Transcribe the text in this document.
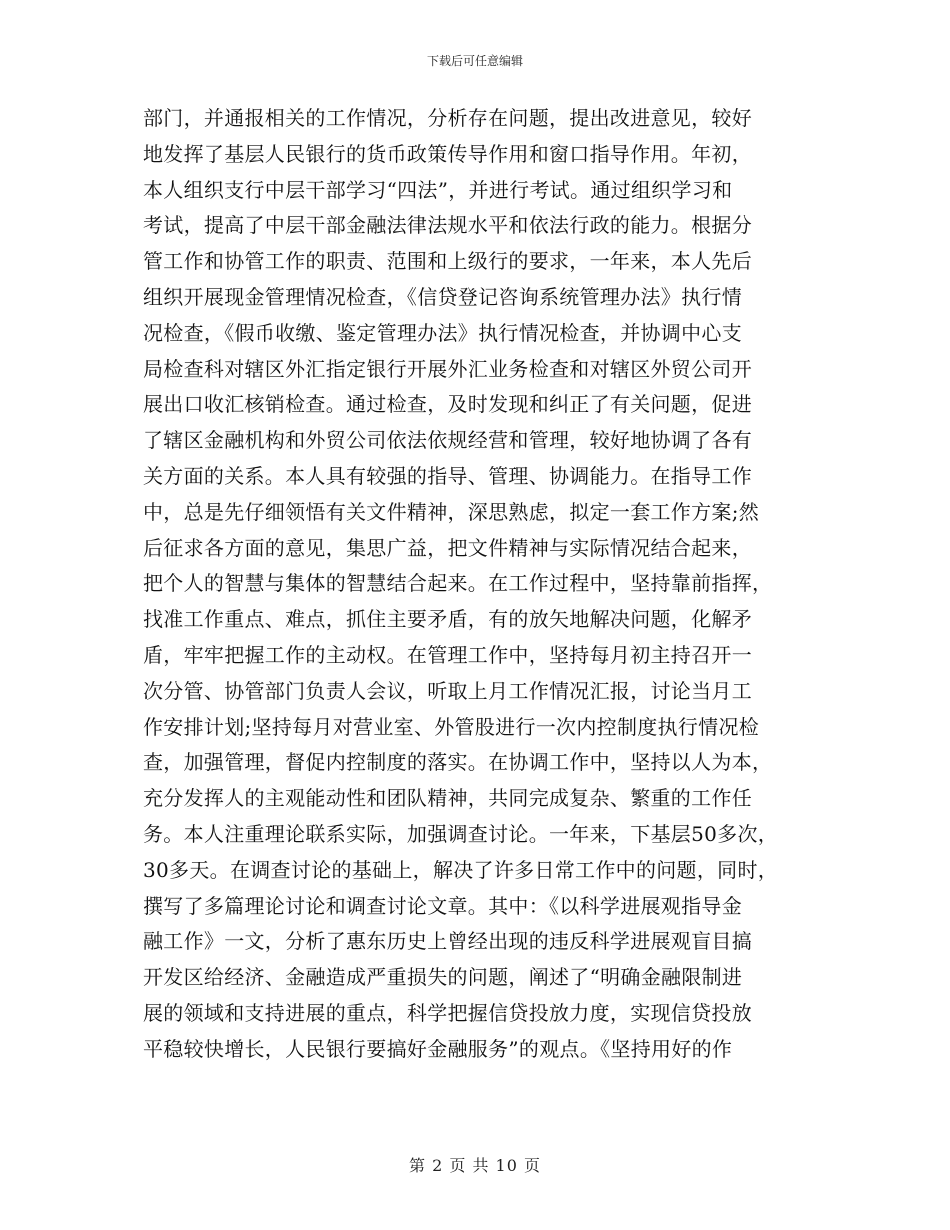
下载后可任意编辑
部门，并通报相关的工作情况，分析存在问题，提出改进意见，较好
地发挥了基层人民银行的货币政策传导作用和窗口指导作用。年初，
本人组织支行中层干部学习“四法”，并进行考试。通过组织学习和
考试，提高了中层干部金融法律法规水平和依法行政的能力。根据分
管工作和协管工作的职责、范围和上级行的要求，一年来，本人先后
组织开展现金管理情况检查，《信贷登记咨询系统管理办法》执行情
况检查，《假币收缴、鉴定管理办法》执行情况检查，并协调中心支
局检查科对辖区外汇指定银行开展外汇业务检查和对辖区外贸公司开
展出口收汇核销检查。通过检查，及时发现和纠正了有关问题，促进
了辖区金融机构和外贸公司依法依规经营和管理，较好地协调了各有
关方面的关系。本人具有较强的指导、管理、协调能力。在指导工作
中，总是先仔细领悟有关文件精神，深思熟虑，拟定一套工作方案;然
后征求各方面的意见，集思广益，把文件精神与实际情况结合起来，
把个人的智慧与集体的智慧结合起来。在工作过程中，坚持靠前指挥，
找准工作重点、难点，抓住主要矛盾，有的放矢地解决问题，化解矛
盾，牢牢把握工作的主动权。在管理工作中，坚持每月初主持召开一
次分管、协管部门负责人会议，听取上月工作情况汇报，讨论当月工
作安排计划;坚持每月对营业室、外管股进行一次内控制度执行情况检
查，加强管理，督促内控制度的落实。在协调工作中，坚持以人为本，
充分发挥人的主观能动性和团队精神，共同完成复杂、繁重的工作任
务。本人注重理论联系实际，加强调查讨论。一年来，下基层50多次，
30多天。在调查讨论的基础上，解决了许多日常工作中的问题，同时，
撰写了多篇理论讨论和调查讨论文章。其中：《以科学进展观指导金
融工作》一文，分析了惠东历史上曾经出现的违反科学进展观盲目搞
开发区给经济、金融造成严重损失的问题，阐述了“明确金融限制进
展的领域和支持进展的重点，科学把握信贷投放力度，实现信贷投放
平稳较快增长，人民银行要搞好金融服务”的观点。《坚持用好的作
第 2 页 共 10 页
